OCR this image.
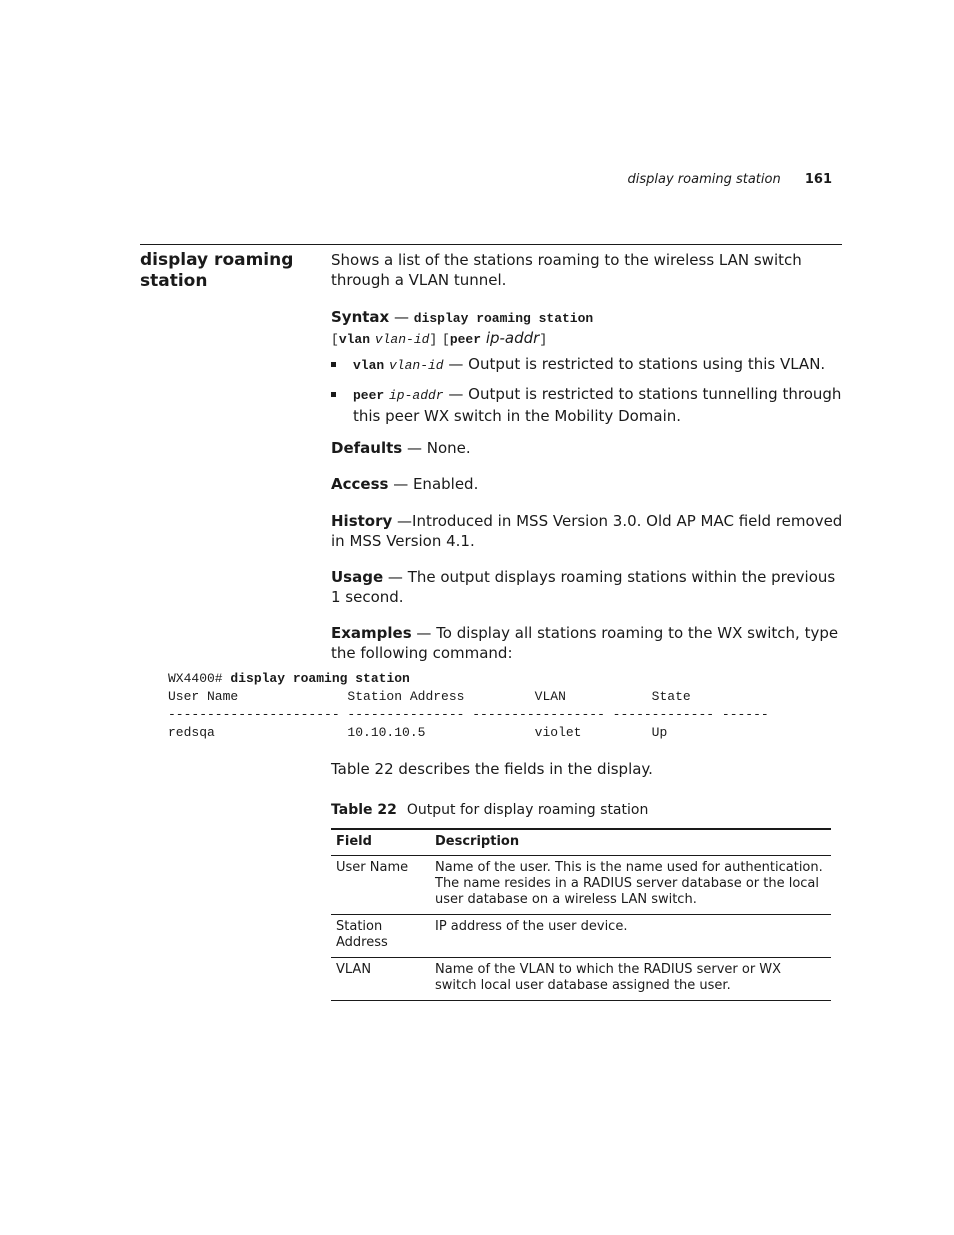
display roaming station 161
display roaming station

Shows a list of the stations roaming to the wireless LAN switch through a VLAN tunnel.

Syntax — display roaming station
[vlan vlan-id] [peer ip-addr]
vlan vlan-id — Output is restricted to stations using this VLAN.
peer ip-addr — Output is restricted to stations tunnelling through this peer WX switch in the Mobility Domain.

Defaults — None.

Access — Enabled.

History —Introduced in MSS Version 3.0. Old AP MAC field removed in MSS Version 4.1.

Usage — The output displays roaming stations within the previous 1 second.

Examples — To display all stations roaming to the WX switch, type the following command:

WX4400# display roaming station
User Name              Station Address         VLAN           State
---------------------- --------------- ----------------- ------------- ------
redsqa                 10.10.10.5              violet         Up

Table 22 describes the fields in the display.

Table 22 Output for display roaming station
Field	Description
User Name	Name of the user. This is the name used for authentication. The name resides in a RADIUS server database or the local user database on a wireless LAN switch.
Station Address	IP address of the user device.
VLAN	Name of the VLAN to which the RADIUS server or WX switch local user database assigned the user.
